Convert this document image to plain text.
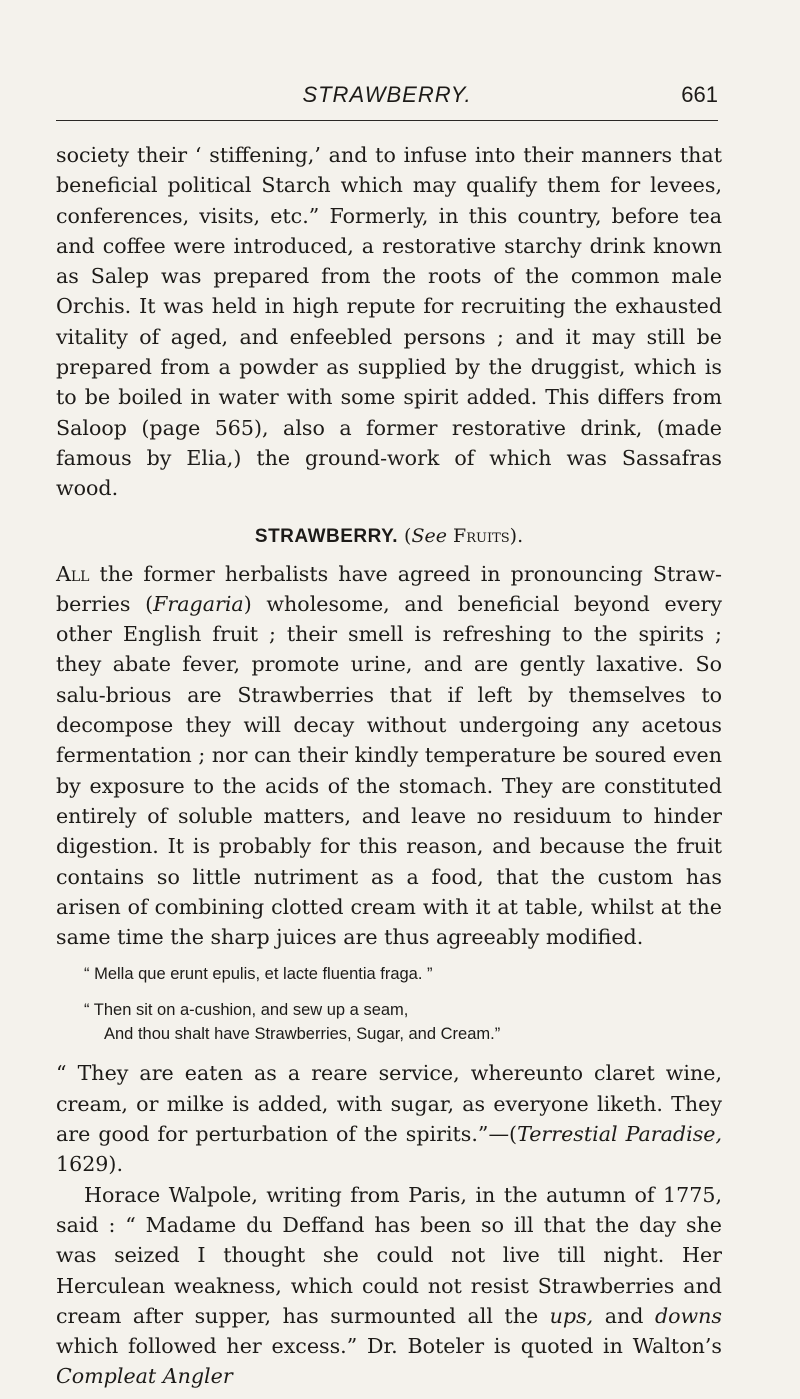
STRAWBERRY.	661

society their ‘ stiffening,’ and to infuse into their manners that beneficial political Starch which may qualify them for levees, conferences, visits, etc.” Formerly, in this country, before tea and coffee were introduced, a restorative starchy drink known as Salep was prepared from the roots of the common male Orchis. It was held in high repute for recruiting the exhausted vitality of aged, and enfeebled persons ; and it may still be prepared from a powder as supplied by the druggist, which is to be boiled in water with some spirit added. This differs from Saloop (page 565), also a former restorative drink, (made famous by Elia,) the ground-work of which was Sassafras wood.

STRAWBERRY. (See Fruits).

All the former herbalists have agreed in pronouncing Straw-berries (Fragaria) wholesome, and beneficial beyond every other English fruit ; their smell is refreshing to the spirits ; they abate fever, promote urine, and are gently laxative. So salu-brious are Strawberries that if left by themselves to decompose they will decay without undergoing any acetous fermentation ; nor can their kindly temperature be soured even by exposure to the acids of the stomach. They are constituted entirely of soluble matters, and leave no residuum to hinder digestion. It is probably for this reason, and because the fruit contains so little nutriment as a food, that the custom has arisen of combining clotted cream with it at table, whilst at the same time the sharp juices are thus agreeably modified.

“ Mella que erunt epulis, et lacte fluentia fraga. ”
“ Then sit on a-cushion, and sew up a seam,
And thou shalt have Strawberries, Sugar, and Cream.”

“ They are eaten as a reare service, whereunto claret wine, cream, or milke is added, with sugar, as everyone liketh. They are good for perturbation of the spirits.”—(Terrestial Paradise, 1629).

Horace Walpole, writing from Paris, in the autumn of 1775, said : “ Madame du Deffand has been so ill that the day she was seized I thought she could not live till night. Her Herculean weakness, which could not resist Strawberries and cream after supper, has surmounted all the ups, and downs which followed her excess.” Dr. Boteler is quoted in Walton’s Compleat Angler
